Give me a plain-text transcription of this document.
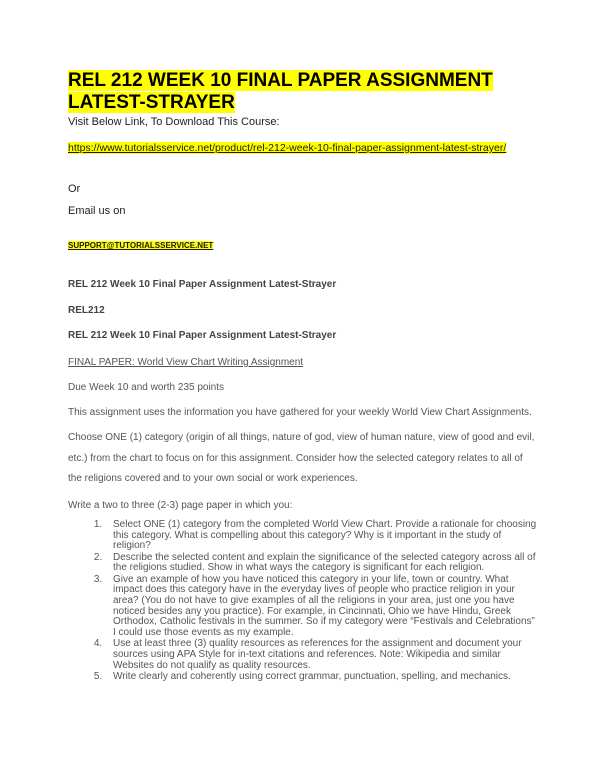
REL 212 WEEK 10 FINAL PAPER ASSIGNMENT LATEST-STRAYER
Visit Below Link, To Download This Course:
https://www.tutorialsservice.net/product/rel-212-week-10-final-paper-assignment-latest-strayer/
Or
Email us on
SUPPORT@TUTORIALSSERVICE.NET
REL 212 Week 10 Final Paper Assignment Latest-Strayer
REL212
REL 212 Week 10 Final Paper Assignment Latest-Strayer
FINAL PAPER: World View Chart Writing Assignment
Due Week 10 and worth 235 points
This assignment uses the information you have gathered for your weekly World View Chart Assignments.

Choose ONE (1) category (origin of all things, nature of god, view of human nature, view of good and evil, etc.) from the chart to focus on for this assignment. Consider how the selected category relates to all of the religions covered and to your own social or work experiences.

Write a two to three (2-3) page paper in which you:
1. Select ONE (1) category from the completed World View Chart. Provide a rationale for choosing this category. What is compelling about this category? Why is it important in the study of religion?
2. Describe the selected content and explain the significance of the selected category across all of the religions studied. Show in what ways the category is significant for each religion.
3. Give an example of how you have noticed this category in your life, town or country. What impact does this category have in the everyday lives of people who practice religion in your area? (You do not have to give examples of all the religions in your area, just one you have noticed besides any you practice). For example, in Cincinnati, Ohio we have Hindu, Greek Orthodox, Catholic festivals in the summer. So if my category were “Festivals and Celebrations” I could use those events as my example.
4. Use at least three (3) quality resources as references for the assignment and document your sources using APA Style for in-text citations and references. Note: Wikipedia and similar Websites do not qualify as quality resources.
5. Write clearly and coherently using correct grammar, punctuation, spelling, and mechanics.
